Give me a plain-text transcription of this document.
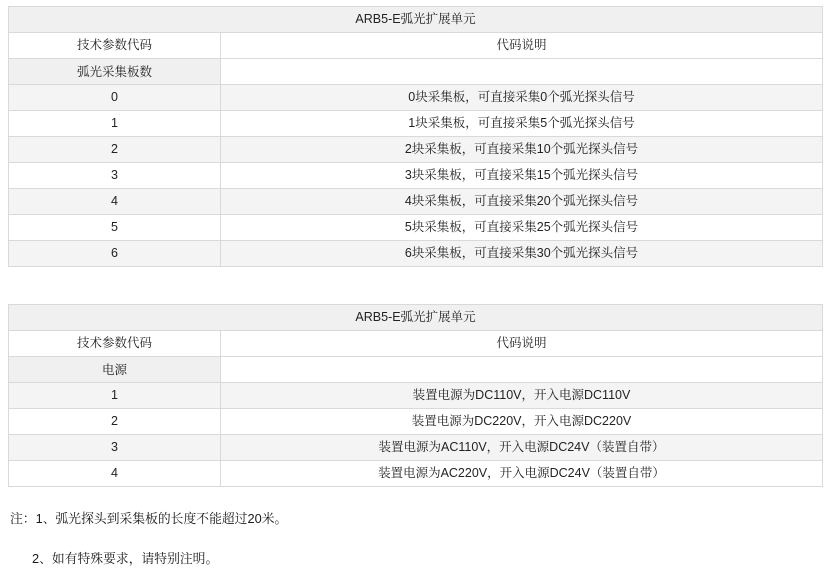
ARB5-E弧光扩展单元	
技术参数代码	代码说明
弧光采集板数	
0	0块采集板，可直接采集0个弧光探头信号
1	1块采集板，可直接采集5个弧光探头信号
2	2块采集板，可直接采集10个弧光探头信号
3	3块采集板，可直接采集15个弧光探头信号
4	4块采集板，可直接采集20个弧光探头信号
5	5块采集板，可直接采集25个弧光探头信号
6	6块采集板，可直接采集30个弧光探头信号
ARB5-E弧光扩展单元	
技术参数代码	代码说明
电源	
1	装置电源为DC110V，开入电源DC110V
2	装置电源为DC220V，开入电源DC220V
3	装置电源为AC110V，开入电源DC24V（装置自带）
4	装置电源为AC220V，开入电源DC24V（装置自带）
注：1、弧光探头到采集板的长度不能超过20米。
2、如有特殊要求，请特别注明。
